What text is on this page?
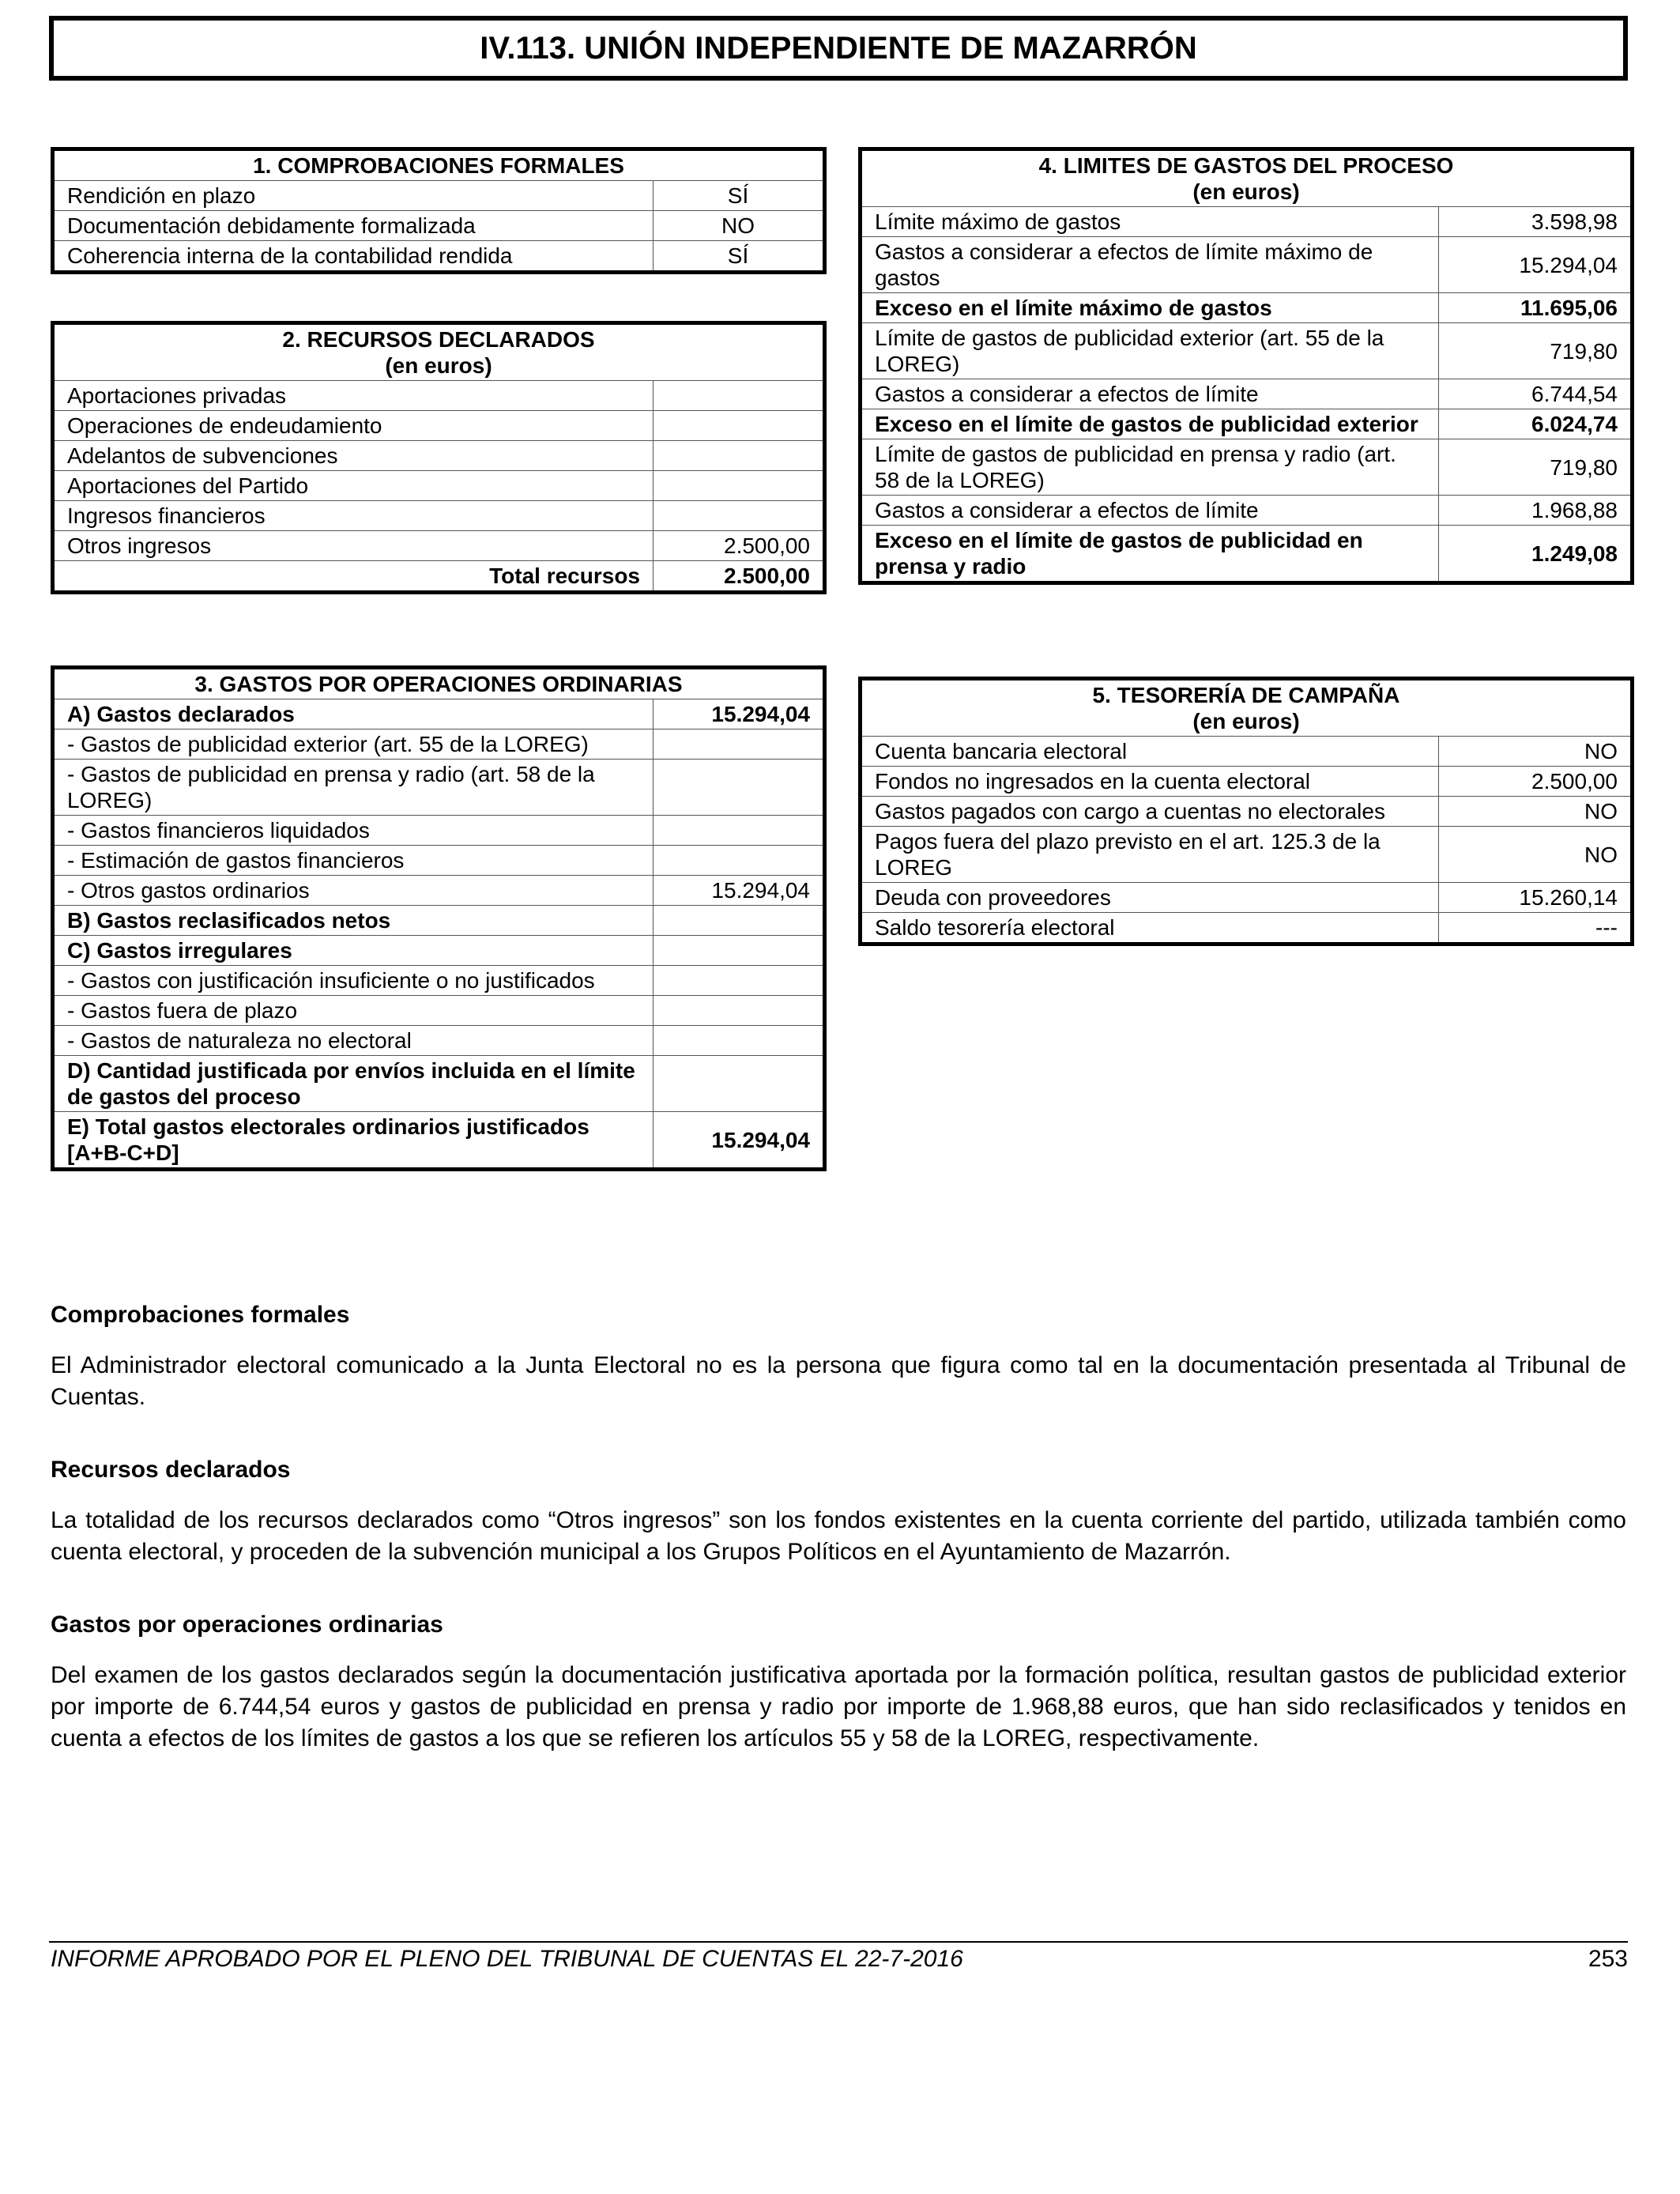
IV.113. UNIÓN INDEPENDIENTE DE MAZARRÓN
1. COMPROBACIONES FORMALES	
Rendición en plazo	SÍ
Documentación debidamente formalizada	NO
Coherencia interna de la contabilidad rendida	SÍ
2. RECURSOS DECLARADOS
(en euros)	
Aportaciones privadas	
Operaciones de endeudamiento	
Adelantos de subvenciones	
Aportaciones del Partido	
Ingresos financieros	
Otros ingresos	2.500,00
Total recursos	2.500,00
3. GASTOS POR OPERACIONES ORDINARIAS	
A) Gastos declarados	15.294,04
- Gastos de publicidad exterior (art. 55 de la LOREG)	
- Gastos de publicidad en prensa y radio (art. 58 de la LOREG)	
- Gastos financieros liquidados	
- Estimación de gastos financieros	
- Otros gastos ordinarios	15.294,04
B) Gastos reclasificados netos	
C) Gastos irregulares	
- Gastos con justificación insuficiente o no justificados	
- Gastos fuera de plazo	
- Gastos de naturaleza no electoral	
D) Cantidad justificada por envíos incluida en el límite de gastos del proceso	
E) Total gastos electorales ordinarios justificados [A+B-C+D]	15.294,04
4. LIMITES DE GASTOS DEL PROCESO
(en euros)	
Límite máximo de gastos	3.598,98
Gastos a considerar a efectos de límite máximo de gastos	15.294,04
Exceso en el límite máximo de gastos	11.695,06
Límite de gastos de publicidad exterior (art. 55 de la LOREG)	719,80
Gastos a considerar a efectos de límite	6.744,54
Exceso en el límite de gastos de publicidad exterior	6.024,74
Límite de gastos de publicidad en prensa y radio (art. 58 de la LOREG)	719,80
Gastos a considerar a efectos de límite	1.968,88
Exceso en el límite de gastos de publicidad en prensa y radio	1.249,08
5. TESORERÍA DE CAMPAÑA
(en euros)	
Cuenta bancaria electoral	NO
Fondos no ingresados en la cuenta electoral	2.500,00
Gastos pagados con cargo a cuentas no electorales	NO
Pagos fuera del plazo previsto en el art. 125.3 de la LOREG	NO
Deuda con proveedores	15.260,14
Saldo tesorería electoral	---
Comprobaciones formales

El Administrador electoral comunicado a la Junta Electoral no es la persona que figura como tal en la documentación presentada al Tribunal de Cuentas.

Recursos declarados

La totalidad de los recursos declarados como “Otros ingresos” son los fondos existentes en la cuenta corriente del partido, utilizada también como cuenta electoral, y proceden de la subvención municipal a los Grupos Políticos en el Ayuntamiento de Mazarrón.

Gastos por operaciones ordinarias

Del examen de los gastos declarados según la documentación justificativa aportada por la formación política, resultan gastos de publicidad exterior por importe de 6.744,54 euros y gastos de publicidad en prensa y radio por importe de 1.968,88 euros, que han sido reclasificados y tenidos en cuenta a efectos de los límites de gastos a los que se refieren los artículos 55 y 58 de la LOREG, respectivamente.

INFORME APROBADO POR EL PLENO DEL TRIBUNAL DE CUENTAS EL 22-7-2016	253
